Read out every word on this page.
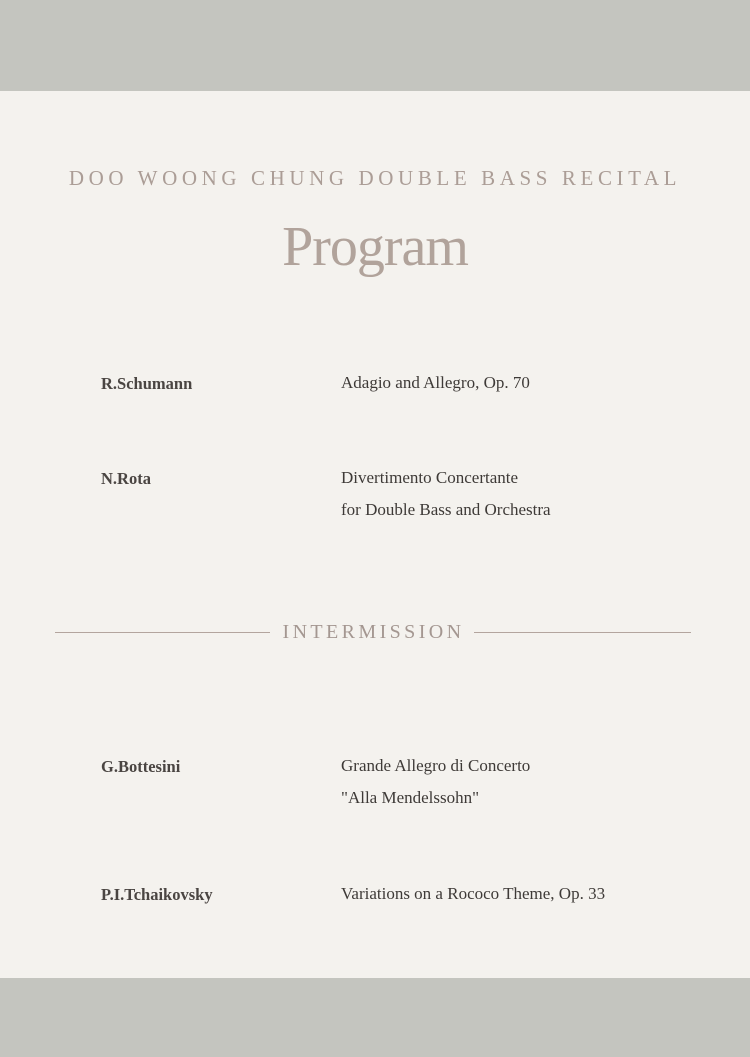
DOO WOONG CHUNG DOUBLE BASS RECITAL
Program
R.Schumann	Adagio and Allegro, Op. 70
N.Rota	Divertimento Concertante
for Double Bass and Orchestra
INTERMISSION
G.Bottesini	Grande Allegro di Concerto
"Alla Mendelssohn"
P.I.Tchaikovsky	Variations on a Rococo Theme, Op. 33
